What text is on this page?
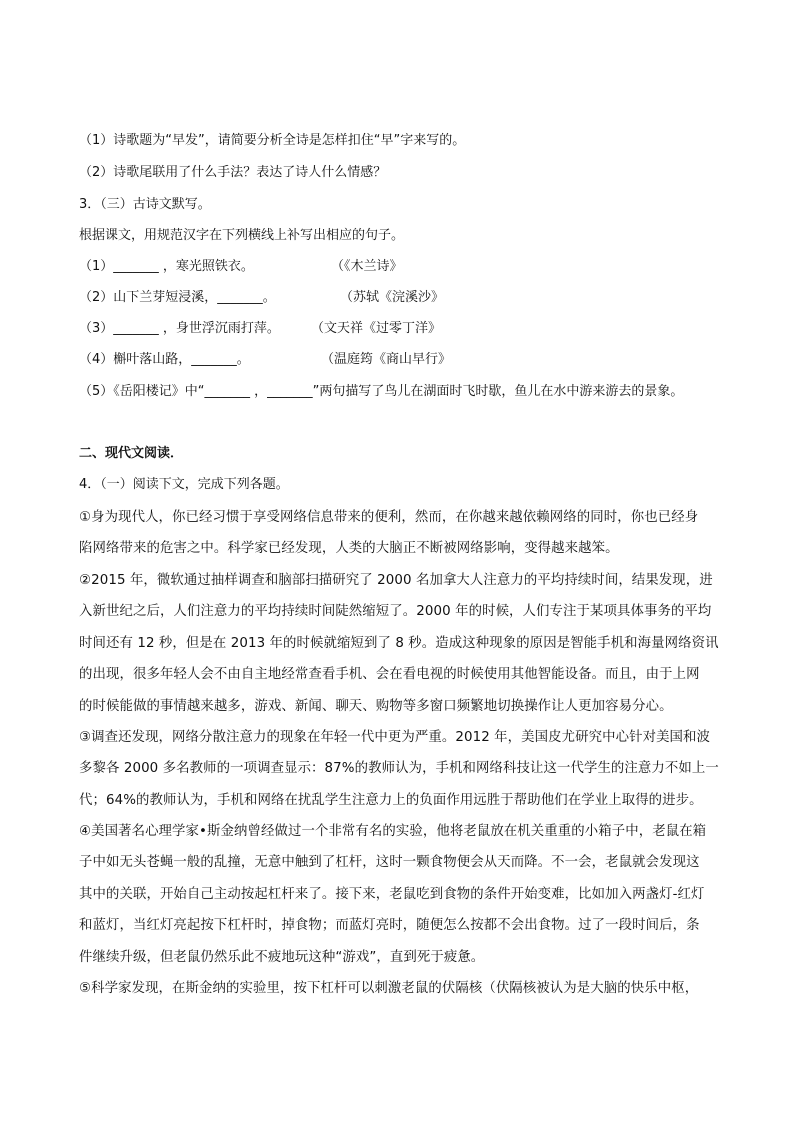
（1）诗歌题为“早发”，请简要分析全诗是怎样扣住“早”字来写的。
（2）诗歌尾联用了什么手法？表达了诗人什么情感？
3．（三）古诗文默写。
根据课文，用规范汉字在下列横线上补写出相应的句子。
（1）_______ ，寒光照铁衣。	（《木兰诗》
（2）山下兰芽短浸溪，_______。	（苏轼《浣溪沙》
（3）_______ ，身世浮沉雨打萍。 （文天祥《过零丁洋》
（4）槲叶落山路，_______。	（温庭筠《商山早行》
（5）《岳阳楼记》中“_______ ，_______”两句描写了鸟儿在湖面时飞时歇，鱼儿在水中游来游去的景象。
二、现代文阅读．
4．（一）阅读下文，完成下列各题。
①身为现代人，你已经习惯于享受网络信息带来的便利，然而，在你越来越依赖网络的同时，你也已经身
陷网络带来的危害之中。科学家已经发现，人类的大脑正不断被网络影响，变得越来越笨。
②2015 年，微软通过抽样调查和脑部扫描研究了 2000 名加拿大人注意力的平均持续时间，结果发现，进
入新世纪之后，人们注意力的平均持续时间陡然缩短了。2000 年的时候，人们专注于某项具体事务的平均
时间还有 12 秒，但是在 2013 年的时候就缩短到了 8 秒。造成这种现象的原因是智能手机和海量网络资讯
的出现，很多年轻人会不由自主地经常查看手机、会在看电视的时候使用其他智能设备。而且，由于上网
的时候能做的事情越来越多，游戏、新闻、聊天、购物等多窗口频繁地切换操作让人更加容易分心。
③调查还发现，网络分散注意力的现象在年轻一代中更为严重。2012 年，美国皮尤研究中心针对美国和波
多黎各 2000 多名教师的一项调查显示：87%的教师认为，手机和网络科技让这一代学生的注意力不如上一
代；64%的教师认为，手机和网络在扰乱学生注意力上的负面作用远胜于帮助他们在学业上取得的进步。
④美国著名心理学家•斯金纳曾经做过一个非常有名的实验，他将老鼠放在机关重重的小箱子中，老鼠在箱
子中如无头苍蝇一般的乱撞，无意中触到了杠杆，这时一颗食物便会从天而降。不一会，老鼠就会发现这
其中的关联，开始自己主动按起杠杆来了。接下来，老鼠吃到食物的条件开始变难，比如加入两盏灯-红灯
和蓝灯，当红灯亮起按下杠杆时，掉食物；而蓝灯亮时，随便怎么按都不会出食物。过了一段时间后，条
件继续升级，但老鼠仍然乐此不疲地玩这种“游戏”，直到死于疲惫。
⑤科学家发现，在斯金纳的实验里，按下杠杆可以刺激老鼠的伏隔核（伏隔核被认为是大脑的快乐中枢，
